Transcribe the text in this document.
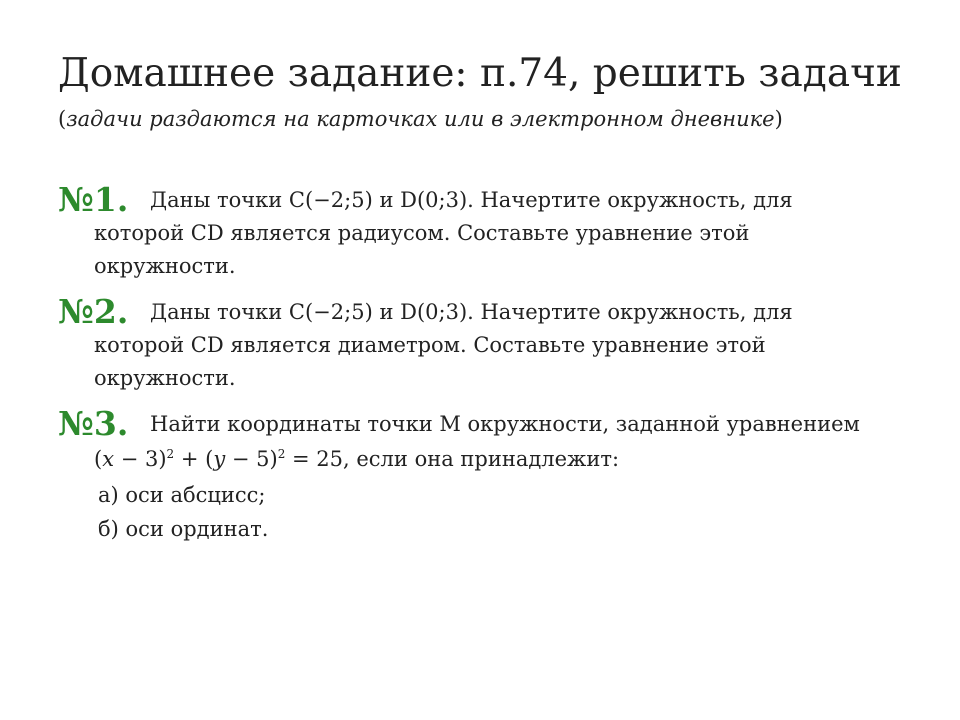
Домашнее задание: п.74, решить задачи
(задачи раздаются на карточках или в электронном дневнике)
№1. Даны точки С(−2;5) и D(0;3). Начертите окружность, для
которой CD является радиусом. Составьте уравнение этой
окружности.
№2. Даны точки С(−2;5) и D(0;3). Начертите окружность, для
которой CD является диаметром. Составьте уравнение этой
окружности.
№3. Найти координаты точки М окружности, заданной уравнением
$(x - 3)^2 + (y - 5)^2 = 25$, если она принадлежит:
а) оси абсцисс;
б) оси ординат.
